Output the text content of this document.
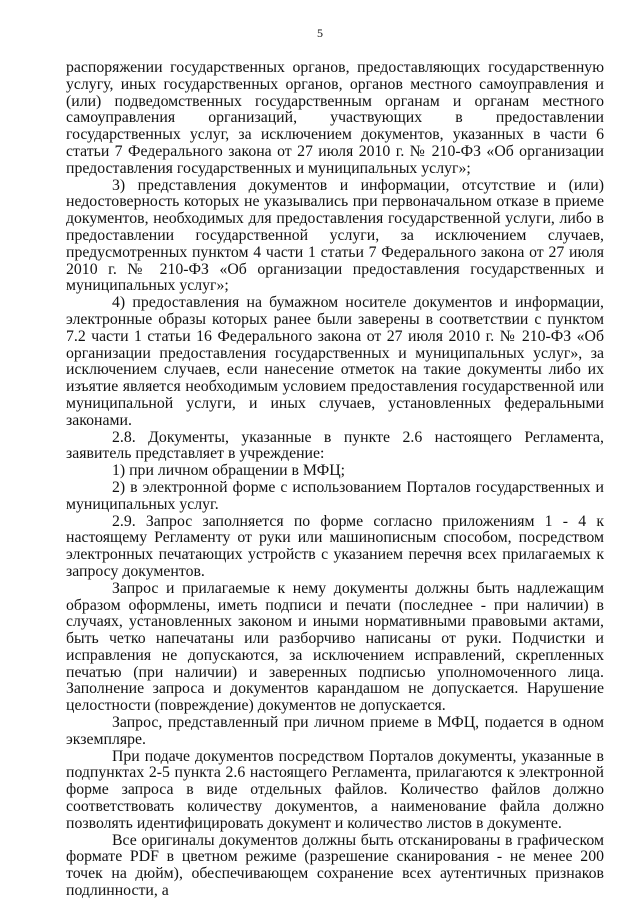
5

распоряжении государственных органов, предоставляющих государственную услугу, иных государственных органов, органов местного самоуправления и (или) подведомственных государственным органам и органам местного самоуправления организаций, участвующих в предоставлении государственных услуг, за исключением документов, указанных в части 6 статьи 7 Федерального закона от 27 июля 2010 г. № 210-ФЗ «Об организации предоставления государственных и муниципальных услуг»;

3) представления документов и информации, отсутствие и (или) недостоверность которых не указывались при первоначальном отказе в приеме документов, необходимых для предоставления государственной услуги, либо в предоставлении государственной услуги, за исключением случаев, предусмотренных пунктом 4 части 1 статьи 7 Федерального закона от 27 июля 2010 г. № 210-ФЗ «Об организации предоставления государственных и муниципальных услуг»;

4) предоставления на бумажном носителе документов и информации, электронные образы которых ранее были заверены в соответствии с пунктом 7.2 части 1 статьи 16 Федерального закона от 27 июля 2010 г. № 210-ФЗ «Об организации предоставления государственных и муниципальных услуг», за исключением случаев, если нанесение отметок на такие документы либо их изъятие является необходимым условием предоставления государственной или муниципальной услуги, и иных случаев, установленных федеральными законами.

2.8. Документы, указанные в пункте 2.6 настоящего Регламента, заявитель представляет в учреждение:

1) при личном обращении в МФЦ;

2) в электронной форме с использованием Порталов государственных и муниципальных услуг.

2.9. Запрос заполняется по форме согласно приложениям 1 - 4 к настоящему Регламенту от руки или машинописным способом, посредством электронных печатающих устройств с указанием перечня всех прилагаемых к запросу документов.

Запрос и прилагаемые к нему документы должны быть надлежащим образом оформлены, иметь подписи и печати (последнее - при наличии) в случаях, установленных законом и иными нормативными правовыми актами, быть четко напечатаны или разборчиво написаны от руки. Подчистки и исправления не допускаются, за исключением исправлений, скрепленных печатью (при наличии) и заверенных подписью уполномоченного лица. Заполнение запроса и документов карандашом не допускается. Нарушение целостности (повреждение) документов не допускается.

Запрос, представленный при личном приеме в МФЦ, подается в одном экземпляре.

При подаче документов посредством Порталов документы, указанные в подпунктах 2-5 пункта 2.6 настоящего Регламента, прилагаются к электронной форме запроса в виде отдельных файлов. Количество файлов должно соответствовать количеству документов, а наименование файла должно позволять идентифицировать документ и количество листов в документе.

Все оригиналы документов должны быть отсканированы в графическом формате PDF в цветном режиме (разрешение сканирования - не менее 200 точек на дюйм), обеспечивающем сохранение всех аутентичных признаков подлинности, а
